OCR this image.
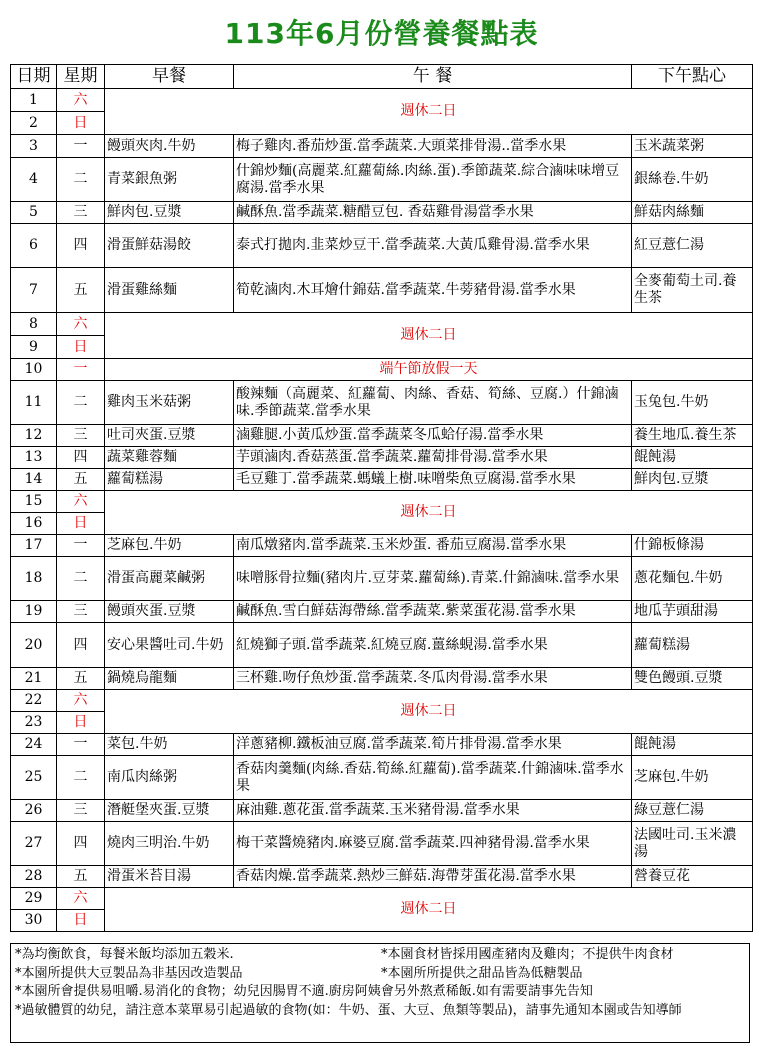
113年6月份營養餐點表
日期	星期	早餐	午 餐	下午點心
1	六	週休二日		
2	日			
3	一	饅頭夾肉.牛奶	梅子雞肉.番茄炒蛋.當季蔬菜.大頭菜排骨湯..當季水果	玉米蔬菜粥
4	二	青菜銀魚粥	什錦炒麵(高麗菜.紅蘿蔔絲.肉絲.蛋).季節蔬菜.綜合滷味味增豆腐湯.當季水果	銀絲卷.牛奶
5	三	鮮肉包.豆漿	鹹酥魚.當季蔬菜.糖醋豆包. 香菇雞骨湯當季水果	鮮菇肉絲麵
6	四	滑蛋鮮菇湯餃	泰式打拋肉.韭菜炒豆干.當季蔬菜.大黃瓜雞骨湯.當季水果	紅豆薏仁湯
7	五	滑蛋雞絲麵	筍乾滷肉.木耳燴什錦菇.當季蔬菜.牛蒡豬骨湯.當季水果	全麥葡萄土司.養生茶
8	六	週休二日		
9	日			
10	一	端午節放假一天		
11	二	雞肉玉米菇粥	酸辣麵（高麗菜、紅蘿蔔、肉絲、香菇、筍絲、豆腐.）什錦滷味.季節蔬菜.當季水果	玉兔包.牛奶
12	三	吐司夾蛋.豆漿	滷雞腿.小黃瓜炒蛋.當季蔬菜冬瓜蛤仔湯.當季水果	養生地瓜.養生茶
13	四	蔬菜雞蓉麵	芋頭滷肉.香菇蒸蛋.當季蔬菜.蘿蔔排骨湯.當季水果	餛飩湯
14	五	蘿蔔糕湯	毛豆雞丁.當季蔬菜.螞蟻上樹.味噌柴魚豆腐湯.當季水果	鮮肉包.豆漿
15	六	週休二日		
16	日			
17	一	芝麻包.牛奶	南瓜燉豬肉.當季蔬菜.玉米炒蛋. 番茄豆腐湯.當季水果	什錦板條湯
18	二	滑蛋高麗菜鹹粥	味噌豚骨拉麵(豬肉片.豆芽菜.蘿蔔絲).青菜.什錦滷味.當季水果	蔥花麵包.牛奶
19	三	饅頭夾蛋.豆漿	鹹酥魚.雪白鮮菇海帶絲.當季蔬菜.紫菜蛋花湯.當季水果	地瓜芋頭甜湯
20	四	安心果醬吐司.牛奶	紅燒獅子頭.當季蔬菜.紅燒豆腐.薑絲蜆湯.當季水果	蘿蔔糕湯
21	五	鍋燒烏龍麵	三杯雞.吻仔魚炒蛋.當季蔬菜.冬瓜肉骨湯.當季水果	雙色饅頭.豆漿
22	六	週休二日		
23	日			
24	一	菜包.牛奶	洋蔥豬柳.鐵板油豆腐.當季蔬菜.筍片排骨湯.當季水果	餛飩湯
25	二	南瓜肉絲粥	香菇肉羹麵(肉絲.香菇.筍絲.紅蘿蔔).當季蔬菜.什錦滷味.當季水果	芝麻包.牛奶
26	三	潛艇堡夾蛋.豆漿	麻油雞.蔥花蛋.當季蔬菜.玉米豬骨湯.當季水果	綠豆薏仁湯
27	四	燒肉三明治.牛奶	梅干菜醬燒豬肉.麻婆豆腐.當季蔬菜.四神豬骨湯.當季水果	法國吐司.玉米濃湯
28	五	滑蛋米苔目湯	香菇肉燥.當季蔬菜.熱炒三鮮菇.海帶芽蛋花湯.當季水果	營養豆花
29	六	週休二日		
30	日			
*為均衡飲食，每餐米飯均添加五穀米.	*本園食材皆採用國產豬肉及雞肉；不提供牛肉食材
*本園所提供大豆製品為非基因改造製品	*本園所所提供之甜品皆為低糖製品
*本園所會提供易咀嚼.易消化的食物；幼兒因腸胃不適.廚房阿姨會另外熬煮稀飯.如有需要請事先告知
*過敏體質的幼兒，請注意本菜單易引起過敏的食物(如：牛奶、蛋、大豆、魚類等製品)，請事先通知本園或告知導師
